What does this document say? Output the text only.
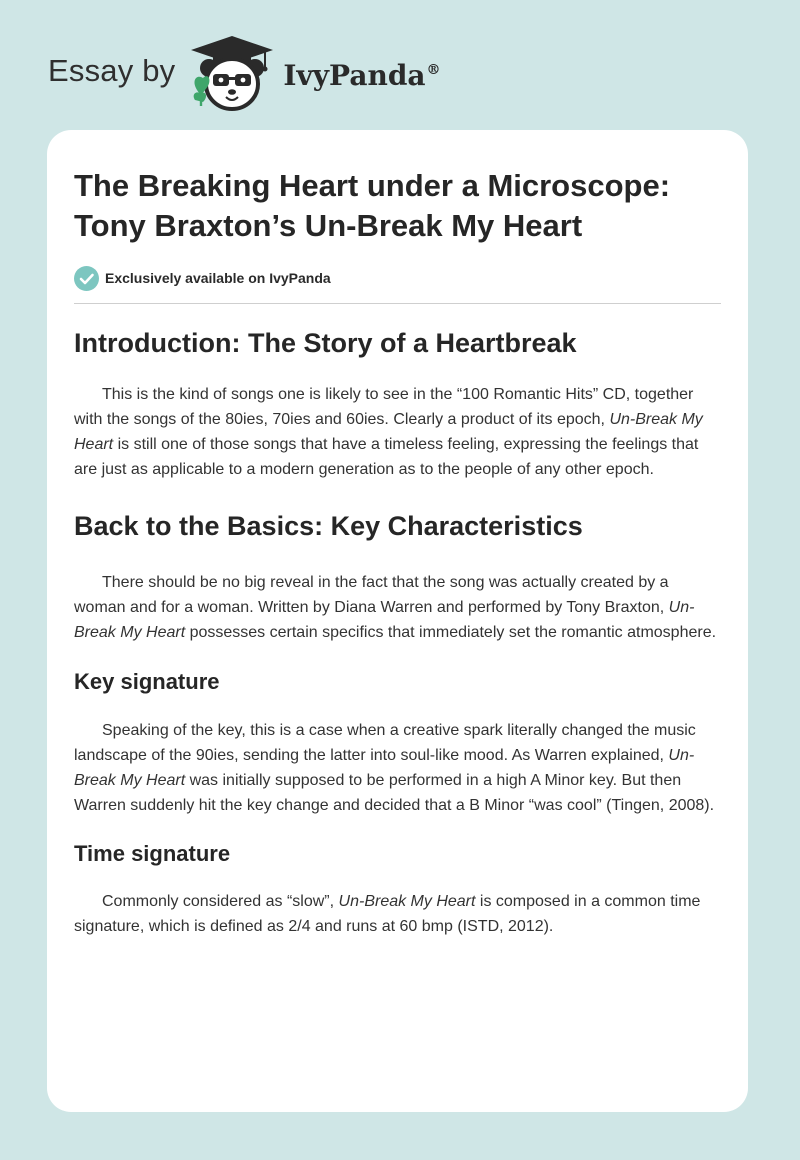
Essay by	IvyPanda®
The Breaking Heart under a Microscope:
Tony Braxton’s Un-Break My Heart
Exclusively available on IvyPanda
Introduction: The Story of a Heartbreak

This is the kind of songs one is likely to see in the “100 Romantic Hits” CD, together with the songs of the 80ies, 70ies and 60ies. Clearly a product of its epoch, Un-Break My Heart is still one of those songs that have a timeless feeling, expressing the feelings that are just as applicable to a modern generation as to the people of any other epoch.

Back to the Basics: Key Characteristics

There should be no big reveal in the fact that the song was actually created by a woman and for a woman. Written by Diana Warren and performed by Tony Braxton, Un-Break My Heart possesses certain specifics that immediately set the romantic atmosphere.

Key signature

Speaking of the key, this is a case when a creative spark literally changed the music landscape of the 90ies, sending the latter into soul-like mood. As Warren explained, Un-Break My Heart was initially supposed to be performed in a high A Minor key. But then Warren suddenly hit the key change and decided that a B Minor “was cool” (Tingen, 2008).

Time signature

Commonly considered as “slow”, Un-Break My Heart is composed in a common time signature, which is defined as 2/4 and runs at 60 bmp (ISTD, 2012).
